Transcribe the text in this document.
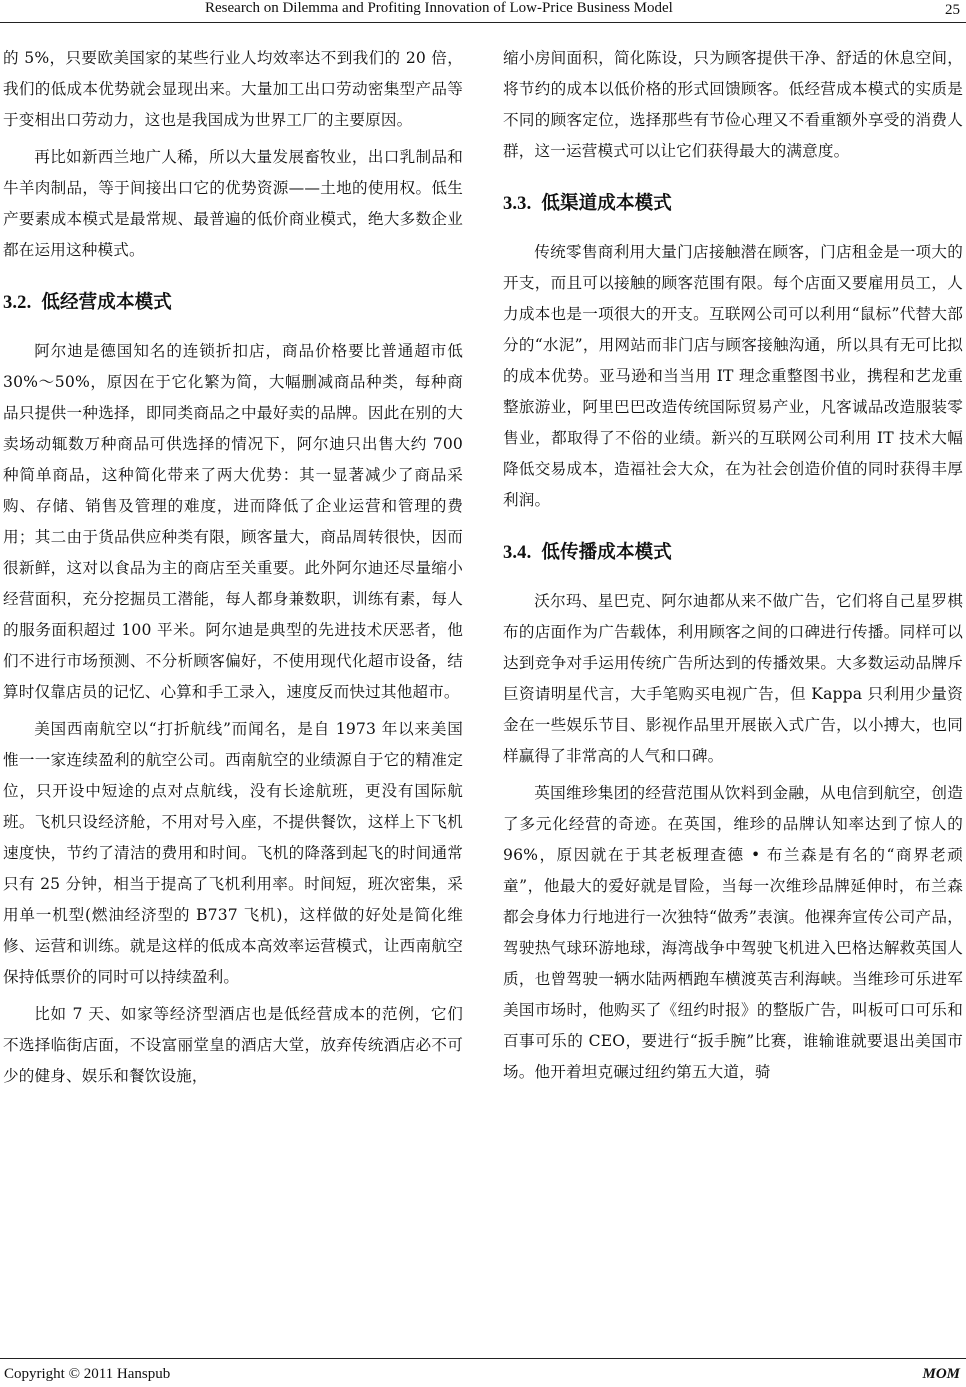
Research on Dilemma and Profiting Innovation of Low-Price Business Model	25

的 5%，只要欧美国家的某些行业人均效率达不到我们的 20 倍，我们的低成本优势就会显现出来。大量加工出口劳动密集型产品等于变相出口劳动力，这也是我国成为世界工厂的主要原因。

再比如新西兰地广人稀，所以大量发展畜牧业，出口乳制品和牛羊肉制品，等于间接出口它的优势资源——土地的使用权。低生产要素成本模式是最常规、最普遍的低价商业模式，绝大多数企业都在运用这种模式。

3.2. 低经营成本模式

阿尔迪是德国知名的连锁折扣店，商品价格要比普通超市低 30%～50%，原因在于它化繁为简，大幅删减商品种类，每种商品只提供一种选择，即同类商品之中最好卖的品牌。因此在别的大卖场动辄数万种商品可供选择的情况下，阿尔迪只出售大约 700 种简单商品，这种简化带来了两大优势：其一显著减少了商品采购、存储、销售及管理的难度，进而降低了企业运营和管理的费用；其二由于货品供应种类有限，顾客量大，商品周转很快，因而很新鲜，这对以食品为主的商店至关重要。此外阿尔迪还尽量缩小经营面积，充分挖掘员工潜能，每人都身兼数职，训练有素，每人的服务面积超过 100 平米。阿尔迪是典型的先进技术厌恶者，他们不进行市场预测、不分析顾客偏好，不使用现代化超市设备，结算时仅靠店员的记忆、心算和手工录入，速度反而快过其他超市。

美国西南航空以“打折航线”而闻名，是自 1973 年以来美国惟一一家连续盈利的航空公司。西南航空的业绩源自于它的精准定位，只开设中短途的点对点航线，没有长途航班，更没有国际航班。飞机只设经济舱，不用对号入座，不提供餐饮，这样上下飞机速度快，节约了清洁的费用和时间。飞机的降落到起飞的时间通常只有 25 分钟，相当于提高了飞机利用率。时间短，班次密集，采用单一机型(燃油经济型的 B737 飞机)，这样做的好处是简化维修、运营和训练。就是这样的低成本高效率运营模式，让西南航空保持低票价的同时可以持续盈利。

比如 7 天、如家等经济型酒店也是低经营成本的范例，它们不选择临街店面，不设富丽堂皇的酒店大堂，放弃传统酒店必不可少的健身、娱乐和餐饮设施，

缩小房间面积，简化陈设，只为顾客提供干净、舒适的休息空间，将节约的成本以低价格的形式回馈顾客。低经营成本模式的实质是不同的顾客定位，选择那些有节俭心理又不看重额外享受的消费人群，这一运营模式可以让它们获得最大的满意度。

3.3. 低渠道成本模式

传统零售商利用大量门店接触潜在顾客，门店租金是一项大的开支，而且可以接触的顾客范围有限。每个店面又要雇用员工，人力成本也是一项很大的开支。互联网公司可以利用“鼠标”代替大部分的“水泥”，用网站而非门店与顾客接触沟通，所以具有无可比拟的成本优势。亚马逊和当当用 IT 理念重整图书业，携程和艺龙重整旅游业，阿里巴巴改造传统国际贸易产业，凡客诚品改造服装零售业，都取得了不俗的业绩。新兴的互联网公司利用 IT 技术大幅降低交易成本，造福社会大众，在为社会创造价值的同时获得丰厚利润。

3.4. 低传播成本模式

沃尔玛、星巴克、阿尔迪都从来不做广告，它们将自己星罗棋布的店面作为广告载体，利用顾客之间的口碑进行传播。同样可以达到竞争对手运用传统广告所达到的传播效果。大多数运动品牌斥巨资请明星代言，大手笔购买电视广告，但 Kappa 只利用少量资金在一些娱乐节目、影视作品里开展嵌入式广告，以小搏大，也同样赢得了非常高的人气和口碑。

英国维珍集团的经营范围从饮料到金融，从电信到航空，创造了多元化经营的奇迹。在英国，维珍的品牌认知率达到了惊人的 96%，原因就在于其老板理查德 • 布兰森是有名的“商界老顽童”，他最大的爱好就是冒险，当每一次维珍品牌延伸时，布兰森都会身体力行地进行一次独特“做秀”表演。他裸奔宣传公司产品，驾驶热气球环游地球，海湾战争中驾驶飞机进入巴格达解救英国人质，也曾驾驶一辆水陆两栖跑车横渡英吉利海峡。当维珍可乐进军美国市场时，他购买了《纽约时报》的整版广告，叫板可口可乐和百事可乐的 CEO，要进行“扳手腕”比赛，谁输谁就要退出美国市场。他开着坦克碾过纽约第五大道，骑

Copyright © 2011 Hanspub	MOM
